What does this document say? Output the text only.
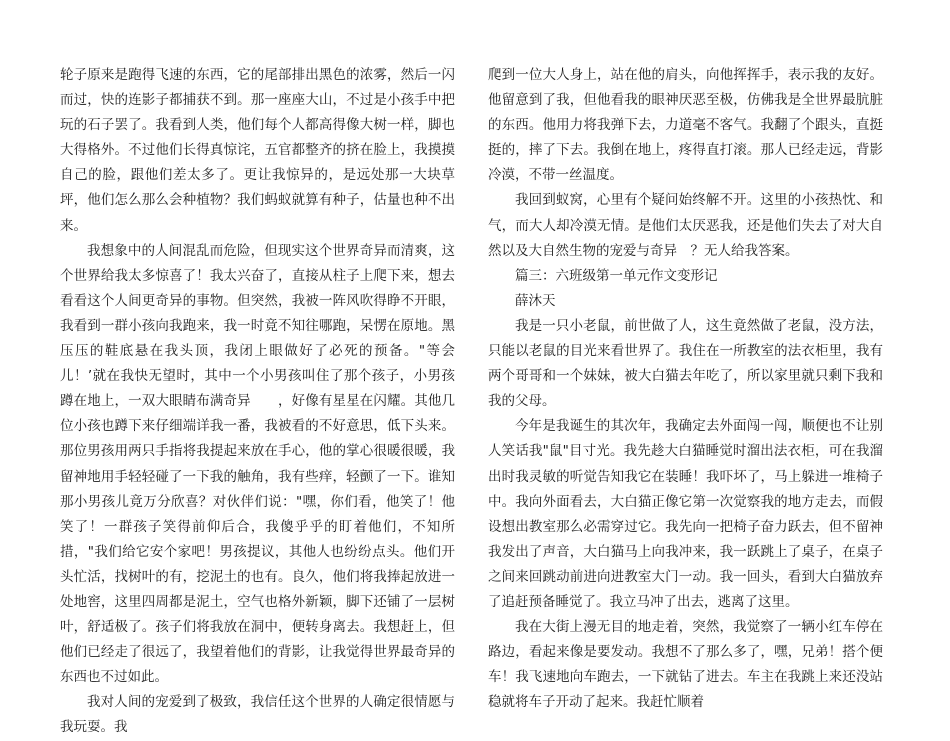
轮子原来是跑得飞速的东西，它的尾部排出黑色的浓雾，然后一闪而过，快的连影子都捕获不到。那一座座大山，不过是小孩手中把玩的石子罢了。我看到人类，他们每个人都高得像大树一样，脚也大得格外。不过他们长得真惊诧，五官都整齐的挤在脸上，我摸摸自己的脸，跟他们差太多了。更让我惊异的，是远处那一大块草坪，他们怎么那么会种植物？我们蚂蚁就算有种子，估量也种不出来。

我想象中的人间混乱而危险，但现实这个世界奇异而清爽，这个世界给我太多惊喜了！我太兴奋了，直接从柱子上爬下来，想去看看这个人间更奇异的事物。但突然，我被一阵风吹得睁不开眼，我看到一群小孩向我跑来，我一时竟不知往哪跑，呆愣在原地。黑压压的鞋底悬在我头顶，我闭上眼做好了必死的预备。"等会儿！’就在我快无望时，其中一个小男孩叫住了那个孩子，小男孩蹲在地上，一双大眼睛布满奇异　　，好像有星星在闪耀。其他几位小孩也蹲下来仔细端详我一番，我被看的不好意思，低下头来。那位男孩用两只手指将我提起来放在手心，他的掌心很暖很暖，我留神地用手轻轻碰了一下我的触角，我有些痒，轻颤了一下。谁知那小男孩儿竟万分欣喜？对伙伴们说："嘿，你们看，他笑了！他笑了！一群孩子笑得前仰后合，我傻乎乎的盯着他们，不知所措，"我们给它安个家吧！男孩提议，其他人也纷纷点头。他们开头忙活，找树叶的有，挖泥土的也有。良久，他们将我捧起放进一处地窖，这里四周都是泥土，空气也格外新颖，脚下还铺了一层树叶，舒适极了。孩子们将我放在洞中，便转身离去。我想赶上，但他们已经走了很远了，我望着他们的背影，让我觉得世界最奇异的东西也不过如此。

我对人间的宠爱到了极致，我信任这个世界的人确定很情愿与我玩耍。我

爬到一位大人身上，站在他的肩头，向他挥挥手，表示我的友好。他留意到了我，但他看我的眼神厌恶至极，仿佛我是全世界最肮脏的东西。他用力将我弹下去，力道毫不客气。我翻了个跟头，直挺挺的，摔了下去。我倒在地上，疼得直打滚。那人已经走远，背影冷漠，不带一丝温度。

我回到蚁窝，心里有个疑问始终解不开。这里的小孩热忱、和气，而大人却冷漠无情。是他们太厌恶我，还是他们失去了对大自然以及大自然生物的宠爱与奇异　？无人给我答案。

篇三：六班级第一单元作文变形记

薛沐天

我是一只小老鼠，前世做了人，这生竟然做了老鼠，没方法，只能以老鼠的目光来看世界了。我住在一所教室的法衣柜里，我有两个哥哥和一个妹妹，被大白猫去年吃了，所以家里就只剩下我和我的父母。

今年是我诞生的其次年，我确定去外面闯一闯，顺便也不让别人笑话我"鼠"目寸光。我先趁大白猫睡觉时溜出法衣柜，可在我溜出时我灵敏的听觉告知我它在装睡！我吓坏了，马上躲进一堆椅子中。我向外面看去，大白猫正像它第一次觉察我的地方走去，而假设想出教室那么必需穿过它。我先向一把椅子奋力跃去，但不留神我发出了声音，大白猫马上向我冲来，我一跃跳上了桌子，在桌子之间来回跳动前进向进教室大门一动。我一回头，看到大白猫放弃了追赶预备睡觉了。我立马冲了出去，逃离了这里。

我在大街上漫无目的地走着，突然，我觉察了一辆小红车停在路边，看起来像是要发动。我想不了那么多了，嘿，兄弟！搭个便车！我飞速地向车跑去，一下就钻了进去。车主在我跳上来还没站稳就将车子开动了起来。我赶忙顺着
